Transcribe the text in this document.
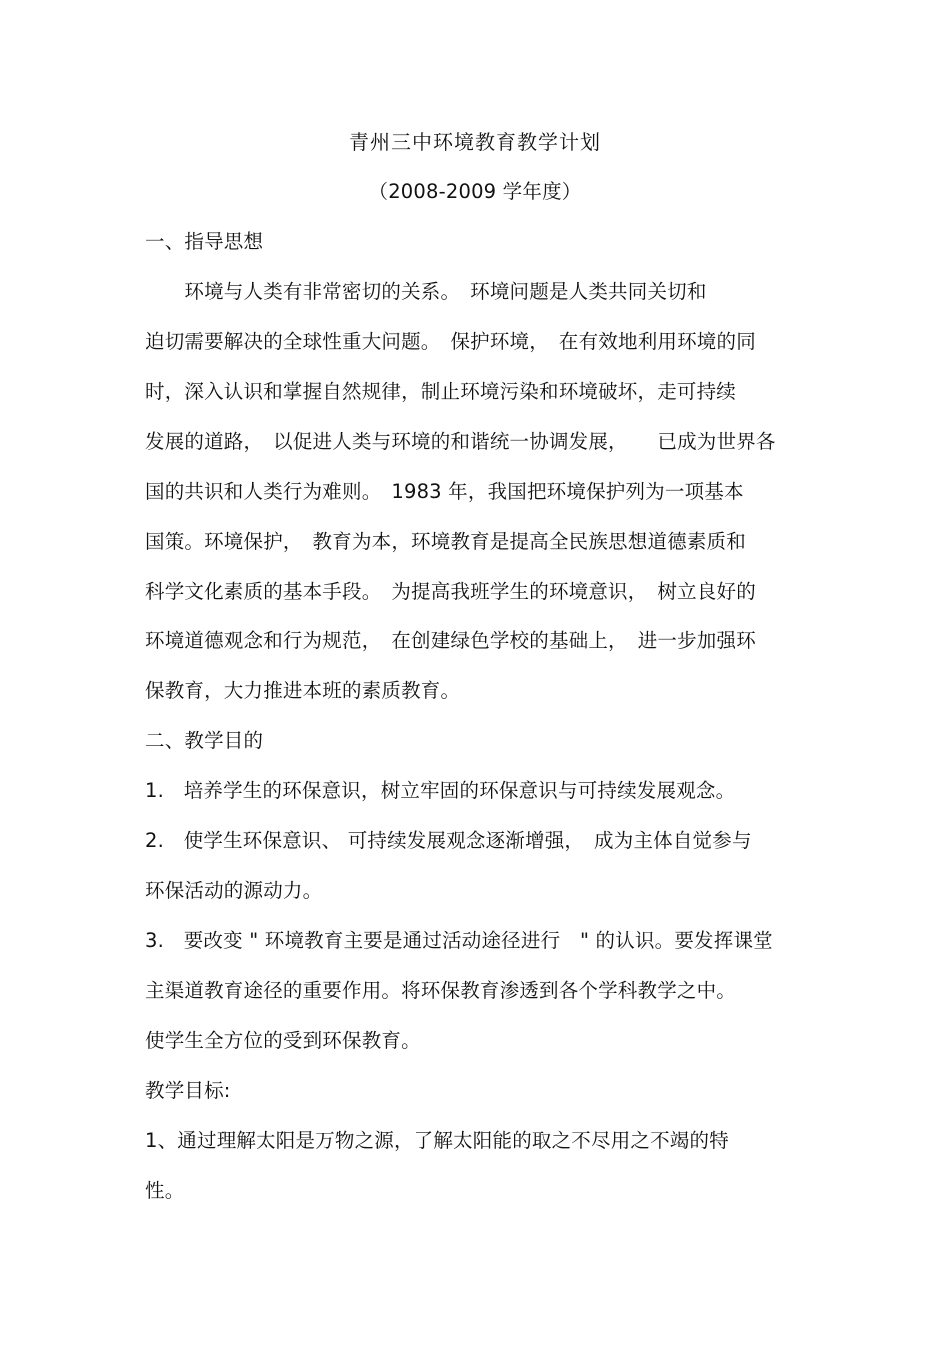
青州三中环境教育教学计划
（2008-2009 学年度）
一、指导思想
　　环境与人类有非常密切的关系。　环境问题是人类共同关切和
迫切需要解决的全球性重大问题。　保护环境，　在有效地利用环境的同
时，深入认识和掌握自然规律，制止环境污染和环境破坏，走可持续
发展的道路，　以促进人类与环境的和谐统一协调发展，　　已成为世界各
国的共识和人类行为难则。　1983 年，我国把环境保护列为一项基本
国策。环境保护，　教育为本，环境教育是提高全民族思想道德素质和
科学文化素质的基本手段。　为提高我班学生的环境意识，　树立良好的
环境道德观念和行为规范，　在创建绿色学校的基础上，　进一步加强环
保教育，大力推进本班的素质教育。
二、教学目的
1.　培养学生的环保意识，树立牢固的环保意识与可持续发展观念。
2.　使学生环保意识、 可持续发展观念逐渐增强，　成为主体自觉参与
环保活动的源动力。
3.　要改变 " 环境教育主要是通过活动途径进行　" 的认识。要发挥课堂
主渠道教育途径的重要作用。将环保教育渗透到各个学科教学之中。
使学生全方位的受到环保教育。
教学目标:
1、通过理解太阳是万物之源，了解太阳能的取之不尽用之不竭的特
性。
